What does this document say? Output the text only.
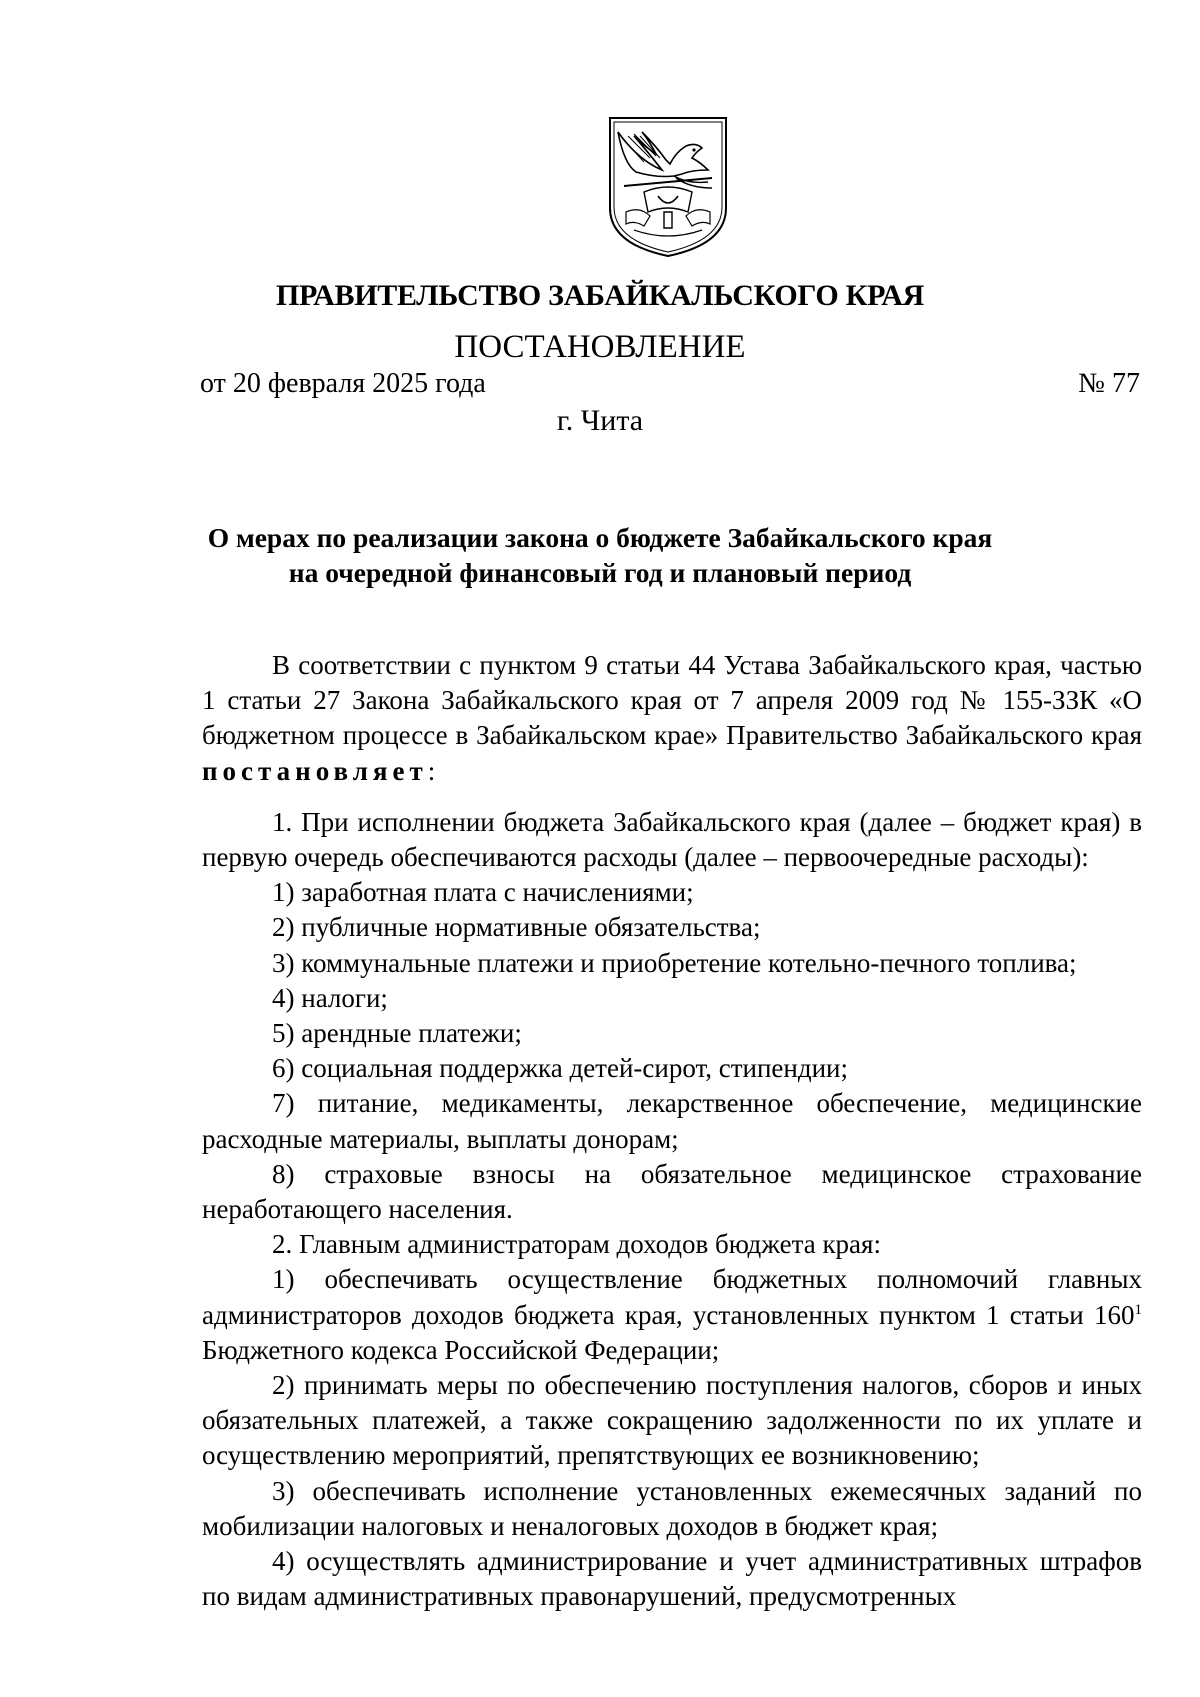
ПРАВИТЕЛЬСТВО ЗАБАЙКАЛЬСКОГО КРАЯ
ПОСТАНОВЛЕНИЕ
от 20 февраля 2025 года	№ 77
г. Чита
О мерах по реализации закона о бюджете Забайкальского края
на очередной финансовый год и плановый период

В соответствии с пунктом 9 статьи 44 Устава Забайкальского края, частью 1 статьи 27 Закона Забайкальского края от 7 апреля 2009 год № 155-ЗЗК «О бюджетном процессе в Забайкальском крае» Правительство Забайкальского края постановляет:

1. При исполнении бюджета Забайкальского края (далее – бюджет края) в первую очередь обеспечиваются расходы (далее – первоочередные расходы):

1) заработная плата с начислениями;

2) публичные нормативные обязательства;

3) коммунальные платежи и приобретение котельно-печного топлива;

4) налоги;

5) арендные платежи;

6) социальная поддержка детей-сирот, стипендии;

7) питание, медикаменты, лекарственное обеспечение, медицинские расходные материалы, выплаты донорам;

8) страховые взносы на обязательное медицинское страхование неработающего населения.

2. Главным администраторам доходов бюджета края:

1) обеспечивать осуществление бюджетных полномочий главных администраторов доходов бюджета края, установленных пунктом 1 статьи $160^1$ Бюджетного кодекса Российской Федерации;

2) принимать меры по обеспечению поступления налогов, сборов и иных обязательных платежей, а также сокращению задолженности по их уплате и осуществлению мероприятий, препятствующих ее возникновению;

3) обеспечивать исполнение установленных ежемесячных заданий по мобилизации налоговых и неналоговых доходов в бюджет края;

4) осуществлять администрирование и учет административных штрафов по видам административных правонарушений, предусмотренных
